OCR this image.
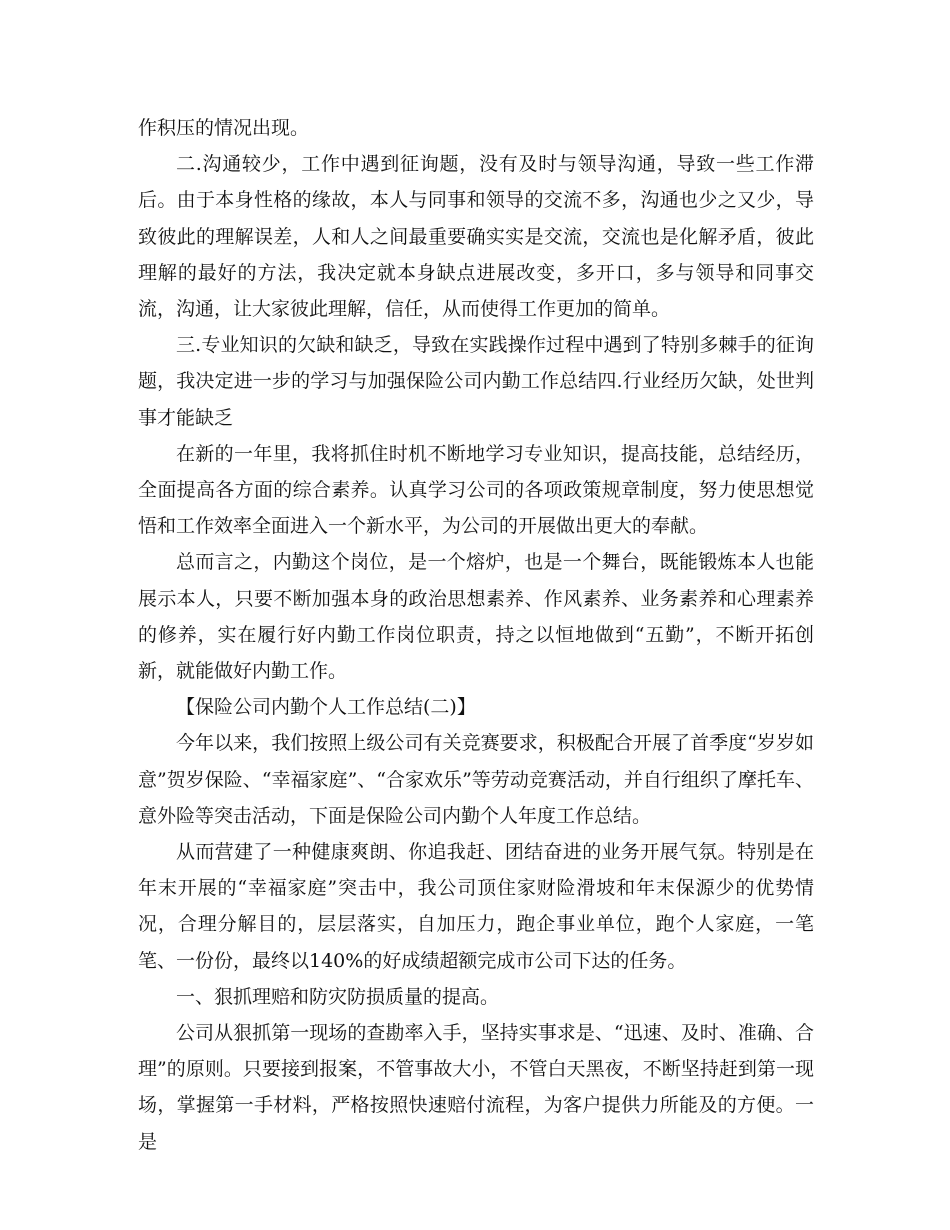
作积压的情况出现。

二.沟通较少，工作中遇到征询题，没有及时与领导沟通，导致一些工作滞后。由于本身性格的缘故，本人与同事和领导的交流不多，沟通也少之又少，导致彼此的理解误差，人和人之间最重要确实实是交流，交流也是化解矛盾，彼此理解的最好的方法，我决定就本身缺点进展改变，多开口，多与领导和同事交流，沟通，让大家彼此理解，信任，从而使得工作更加的简单。

三.专业知识的欠缺和缺乏，导致在实践操作过程中遇到了特别多棘手的征询题，我决定进一步的学习与加强保险公司内勤工作总结四.行业经历欠缺，处世判事才能缺乏

在新的一年里，我将抓住时机不断地学习专业知识，提高技能，总结经历，全面提高各方面的综合素养。认真学习公司的各项政策规章制度，努力使思想觉悟和工作效率全面进入一个新水平，为公司的开展做出更大的奉献。

总而言之，内勤这个岗位，是一个熔炉，也是一个舞台，既能锻炼本人也能展示本人，只要不断加强本身的政治思想素养、作风素养、业务素养和心理素养的修养，实在履行好内勤工作岗位职责，持之以恒地做到“五勤”，不断开拓创新，就能做好内勤工作。

【保险公司内勤个人工作总结(二)】

今年以来，我们按照上级公司有关竞赛要求，积极配合开展了首季度“岁岁如意”贺岁保险、“幸福家庭”、“合家欢乐”等劳动竞赛活动，并自行组织了摩托车、意外险等突击活动，下面是保险公司内勤个人年度工作总结。

从而营建了一种健康爽朗、你追我赶、团结奋进的业务开展气氛。特别是在年末开展的“幸福家庭”突击中，我公司顶住家财险滑坡和年末保源少的优势情况，合理分解目的，层层落实，自加压力，跑企事业单位，跑个人家庭，一笔笔、一份份，最终以140%的好成绩超额完成市公司下达的任务。

一、狠抓理赔和防灾防损质量的提高。

公司从狠抓第一现场的查勘率入手，坚持实事求是、“迅速、及时、准确、合理”的原则。只要接到报案，不管事故大小，不管白天黑夜，不断坚持赶到第一现场，掌握第一手材料，严格按照快速赔付流程，为客户提供力所能及的方便。一是
